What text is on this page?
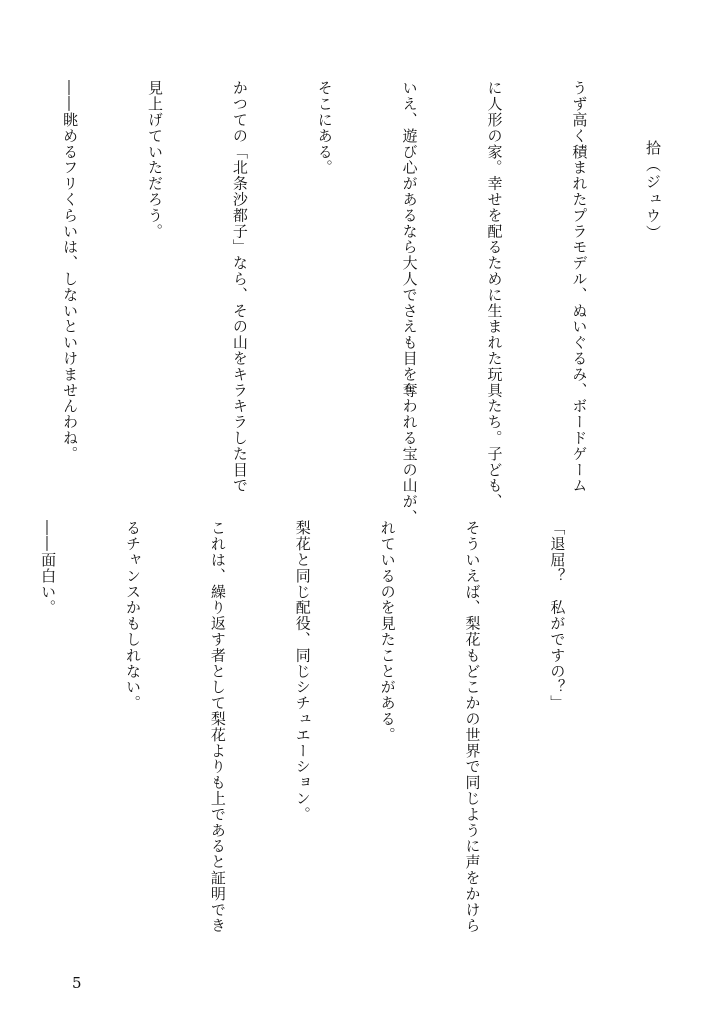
拾（ジュウ）

うず高く積まれたプラモデル、ぬいぐるみ、ボードゲーム

に人形の家。幸せを配るために生まれた玩具たち。子ども、

いえ、遊び心があるなら大人でさえも目を奪われる宝の山が、

そこにある。

かつての「北条沙都子」なら、その山をキラキラした目で

見上げていただろう。

――眺めるフリくらいは、しないといけませんわね。

「退屈？　私がですの？」

そういえば、梨花もどこかの世界で同じように声をかけら

れているのを見たことがある。

梨花と同じ配役、同じシチュエーション。

これは、繰り返す者として梨花よりも上であると証明でき

るチャンスかもしれない。

――面白い。

5
